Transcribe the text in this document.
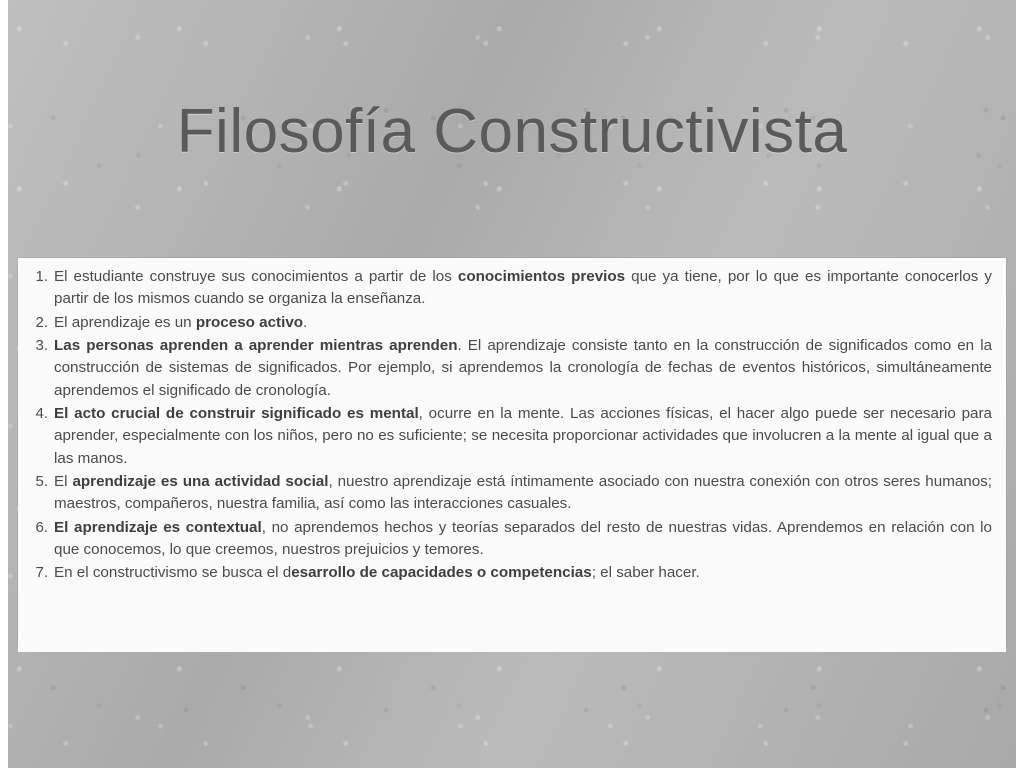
Filosofía Constructivista
El estudiante construye sus conocimientos a partir de los conocimientos previos que ya tiene, por lo que es importante conocerlos y partir de los mismos cuando se organiza la enseñanza.
El aprendizaje es un proceso activo.
Las personas aprenden a aprender mientras aprenden. El aprendizaje consiste tanto en la construcción de significados como en la construcción de sistemas de significados. Por ejemplo, si aprendemos la cronología de fechas de eventos históricos, simultáneamente aprendemos el significado de cronología.
El acto crucial de construir significado es mental, ocurre en la mente. Las acciones físicas, el hacer algo puede ser necesario para aprender, especialmente con los niños, pero no es suficiente; se necesita proporcionar actividades que involucren a la mente al igual que a las manos.
El aprendizaje es una actividad social, nuestro aprendizaje está íntimamente asociado con nuestra conexión con otros seres humanos; maestros, compañeros, nuestra familia, así como las interacciones casuales.
El aprendizaje es contextual, no aprendemos hechos y teorías separados del resto de nuestras vidas. Aprendemos en relación con lo que conocemos, lo que creemos, nuestros prejuicios y temores.
En el constructivismo se busca el desarrollo de capacidades o competencias; el saber hacer.
